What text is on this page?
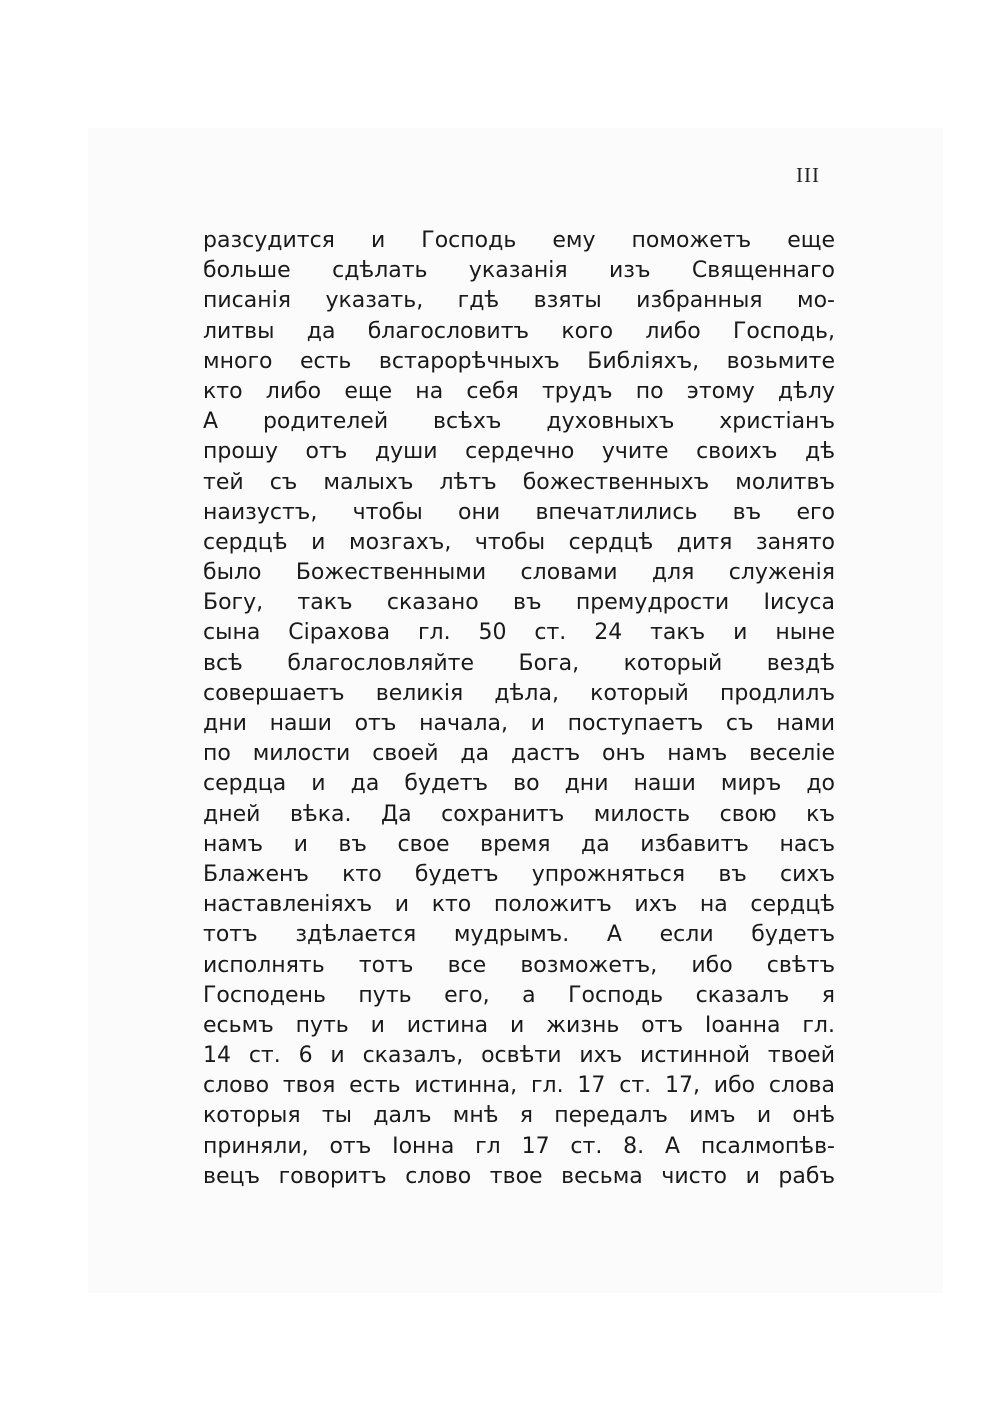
III
разсудится и Господь ему поможетъ еще
больше сдѣлать указанія изъ Священнаго
писанія указать, гдѣ взяты избранныя мо-
литвы да благословитъ кого либо Господь,
много есть встарорѣчныхъ Библіяхъ, возьмите
кто либо еще на себя трудъ по этому дѣлу
А родителей всѣхъ духовныхъ христіанъ
прошу отъ души сердечно учите своихъ дѣ
тей съ малыхъ лѣтъ божественныхъ молитвъ
наизустъ, чтобы они впечатлились въ его
сердцѣ и мозгахъ, чтобы сердцѣ дитя занято
было Божественными словами для служенія
Богу, такъ сказано въ премудрости Іисуса
сына Сірахова гл. 50 ст. 24 такъ и ныне
всѣ благословляйте Бога, который вездѣ
совершаетъ великія дѣла, который продлилъ
дни наши отъ начала, и поступаетъ съ нами
по милости своей да дастъ онъ намъ веселіе
сердца и да будетъ во дни наши миръ до
дней вѣка. Да сохранитъ милость свою къ
намъ и въ свое время да избавитъ насъ
Блаженъ кто будетъ упрожняться въ сихъ
наставленіяхъ и кто положитъ ихъ на сердцѣ
тотъ здѣлается мудрымъ. А если будетъ
исполнять тотъ все возможетъ, ибо свѣтъ
Господень путь его, а Господь сказалъ я
есьмъ путь и истина и жизнь отъ Іоанна гл.
14 ст. 6 и сказалъ, освѣти ихъ истинной твоей
слово твоя есть истинна, гл. 17 ст. 17, ибо слова
которыя ты далъ мнѣ я передалъ имъ и онѣ
приняли, отъ Іонна гл 17 ст. 8. А псалмопѣв-
вецъ говоритъ слово твое весьма чисто и рабъ
